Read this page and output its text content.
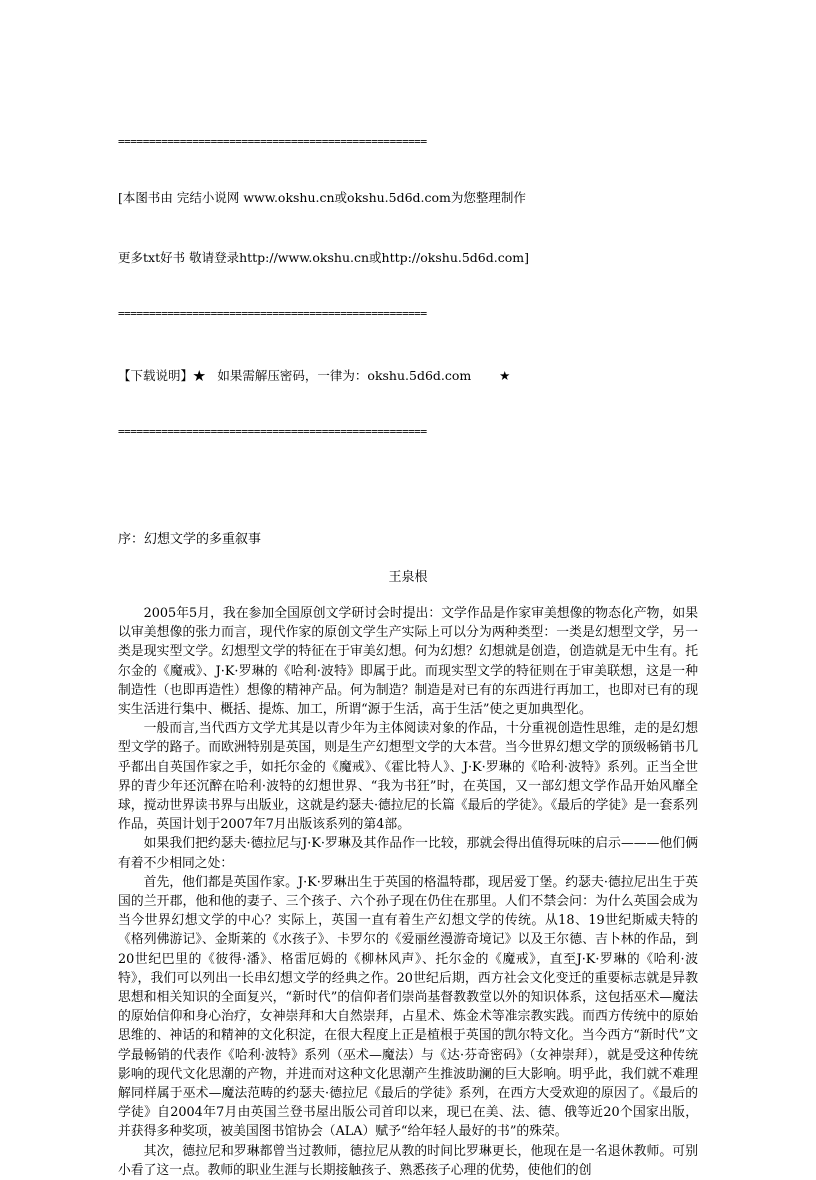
==================================================

[本图书由 完结小说网 www.okshu.cn或okshu.5d6d.com为您整理制作

更多txt好书 敬请登录http://www.okshu.cn或http://okshu.5d6d.com]

==================================================

【下载说明】★   如果需解压密码，一律为：okshu.5d6d.com       ★

==================================================

序：幻想文学的多重叙事
王泉根

2005年5月，我在参加全国原创文学研讨会时提出：文学作品是作家审美想像的物态化产物，如果以审美想像的张力而言，现代作家的原创文学生产实际上可以分为两种类型：一类是幻想型文学，另一类是现实型文学。幻想型文学的特征在于审美幻想。何为幻想？幻想就是创造，创造就是无中生有。托尔金的《魔戒》、J·K·罗琳的《哈利·波特》即属于此。而现实型文学的特征则在于审美联想，这是一种制造性（也即再造性）想像的精神产品。何为制造？制造是对已有的东西进行再加工，也即对已有的现实生活进行集中、概括、提炼、加工，所谓“源于生活，高于生活”使之更加典型化。

一般而言,当代西方文学尤其是以青少年为主体阅读对象的作品，十分重视创造性思维，走的是幻想型文学的路子。而欧洲特别是英国，则是生产幻想型文学的大本营。当今世界幻想文学的顶级畅销书几乎都出自英国作家之手，如托尔金的《魔戒》、《霍比特人》、J·K·罗琳的《哈利·波特》系列。正当全世界的青少年还沉醉在哈利·波特的幻想世界、“我为书狂”时，在英国，又一部幻想文学作品开始风靡全球，搅动世界读书界与出版业，这就是约瑟夫·德拉尼的长篇《最后的学徒》。《最后的学徒》是一套系列作品，英国计划于2007年7月出版该系列的第4部。

如果我们把约瑟夫·德拉尼与J·K·罗琳及其作品作一比较，那就会得出值得玩味的启示———他们俩有着不少相同之处：

首先，他们都是英国作家。J·K·罗琳出生于英国的格温特郡，现居爱丁堡。约瑟夫·德拉尼出生于英国的兰开郡，他和他的妻子、三个孩子、六个孙子现在仍住在那里。人们不禁会问：为什么英国会成为当今世界幻想文学的中心？实际上，英国一直有着生产幻想文学的传统。从18、19世纪斯威夫特的《格列佛游记》、金斯莱的《水孩子》、卡罗尔的《爱丽丝漫游奇境记》以及王尔德、吉卜林的作品，到20世纪巴里的《彼得·潘》、格雷厄姆的《柳林风声》、托尔金的《魔戒》，直至J·K·罗琳的《哈利·波特》，我们可以列出一长串幻想文学的经典之作。20世纪后期，西方社会文化变迁的重要标志就是异教思想和相关知识的全面复兴，“新时代”的信仰者们崇尚基督教教堂以外的知识体系，这包括巫术—魔法的原始信仰和身心治疗，女神崇拜和大自然崇拜，占星术、炼金术等准宗教实践。而西方传统中的原始思维的、神话的和精神的文化积淀，在很大程度上正是植根于英国的凯尔特文化。当今西方“新时代”文学最畅销的代表作《哈利·波特》系列（巫术—魔法）与《达·芬奇密码》（女神崇拜），就是受这种传统影响的现代文化思潮的产物，并进而对这种文化思潮产生推波助澜的巨大影响。明乎此，我们就不难理解同样属于巫术—魔法范畴的约瑟夫·德拉尼《最后的学徒》系列，在西方大受欢迎的原因了。《最后的学徒》自2004年7月由英国兰登书屋出版公司首印以来，现已在美、法、德、俄等近20个国家出版，并获得多种奖项，被美国图书馆协会（ALA）赋予“给年轻人最好的书”的殊荣。

其次，德拉尼和罗琳都曾当过教师，德拉尼从教的时间比罗琳更长，他现在是一名退休教师。可别小看了这一点。教师的职业生涯与长期接触孩子、熟悉孩子心理的优势，使他们的创
